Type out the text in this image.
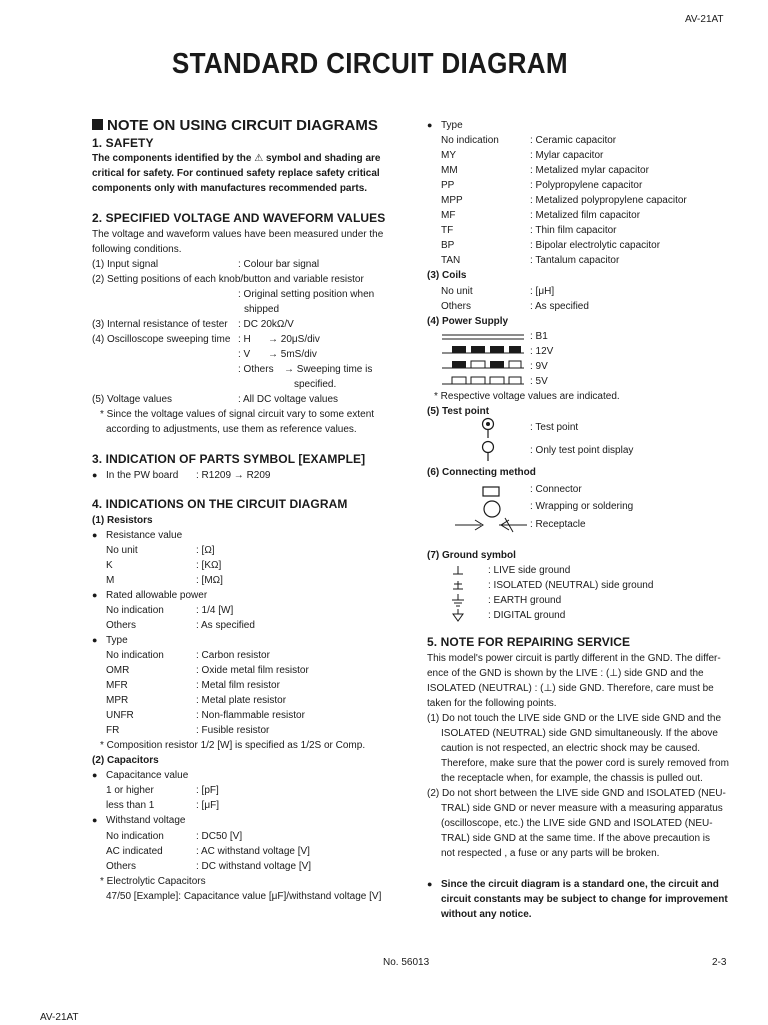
AV-21AT
STANDARD CIRCUIT DIAGRAM
NOTE ON USING CIRCUIT DIAGRAMS
1. SAFETY
The components identified by the ⚠ symbol and shading are
critical for safety. For continued safety replace safety critical
components only with manufactures recommended parts.
2. SPECIFIED VOLTAGE AND WAVEFORM VALUES
The voltage and waveform values have been measured under the
following conditions.
(1) Input signal	: Colour bar signal
(2) Setting positions of each knob/button and variable resistor
: Original setting position when
shipped
(3) Internal resistance of tester : DC 20kΩ/V
(4) Oscilloscope sweeping time : H → 20μS/div
: V → 5mS/div
: Others → Sweeping time is
specified.
(5) Voltage values	: All DC voltage values
* Since the voltage values of signal circuit vary to some extent
according to adjustments, use them as reference values.
3. INDICATION OF PARTS SYMBOL [EXAMPLE]
● In the PW board : R1209 → R209
4. INDICATIONS ON THE CIRCUIT DIAGRAM
(1) Resistors
● Resistance value
No unit	: [Ω]
K	: [KΩ]
M	: [MΩ]
● Rated allowable power
No indication	: 1/4 [W]
Others	: As specified
● Type
No indication	: Carbon resistor
OMR	: Oxide metal film resistor
MFR	: Metal film resistor
MPR	: Metal plate resistor
UNFR	: Non-flammable resistor
FR	: Fusible resistor
* Composition resistor 1/2 [W] is specified as 1/2S or Comp.
(2) Capacitors
● Capacitance value
1 or higher	: [pF]
less than 1	: [μF]
● Withstand voltage
No indication	: DC50 [V]
AC indicated	: AC withstand voltage [V]
Others	: DC withstand voltage [V]
* Electrolytic Capacitors
47/50 [Example]: Capacitance value [μF]/withstand voltage [V]
● Type
No indication	: Ceramic capacitor
MY	: Mylar capacitor
MM	: Metalized mylar capacitor
PP	: Polypropylene capacitor
MPP	: Metalized polypropylene capacitor
MF	: Metalized film capacitor
TF	: Thin film capacitor
BP	: Bipolar electrolytic capacitor
TAN	: Tantalum capacitor
(3) Coils
No unit	: [μH]
Others	: As specified
(4) Power Supply
: B1
: 12V
: 9V
: 5V
* Respective voltage values are indicated.
(5) Test point
: Test point
: Only test point display
(6) Connecting method
: Connector
: Wrapping or soldering
: Receptacle
(7) Ground symbol
: LIVE side ground
: ISOLATED (NEUTRAL) side ground
: EARTH ground
: DIGITAL ground
5. NOTE FOR REPAIRING SERVICE
This model's power circuit is partly different in the GND. The differ-
ence of the GND is shown by the LIVE : (⊥) side GND and the
ISOLATED (NEUTRAL) : (⊥) side GND. Therefore, care must be
taken for the following points.
(1) Do not touch the LIVE side GND or the LIVE side GND and the
ISOLATED (NEUTRAL) side GND simultaneously. If the above
caution is not respected, an electric shock may be caused.
Therefore, make sure that the power cord is surely removed from
the receptacle when, for example, the chassis is pulled out.
(2) Do not short between the LIVE side GND and ISOLATED (NEU-
TRAL) side GND or never measure with a measuring apparatus
(oscilloscope, etc.) the LIVE side GND and ISOLATED (NEU-
TRAL) side GND at the same time. If the above precaution is
not respected , a fuse or any parts will be broken.
● Since the circuit diagram is a standard one, the circuit and
circuit constants may be subject to change for improvement
without any notice.
No. 56013	2-3
AV-21AT
